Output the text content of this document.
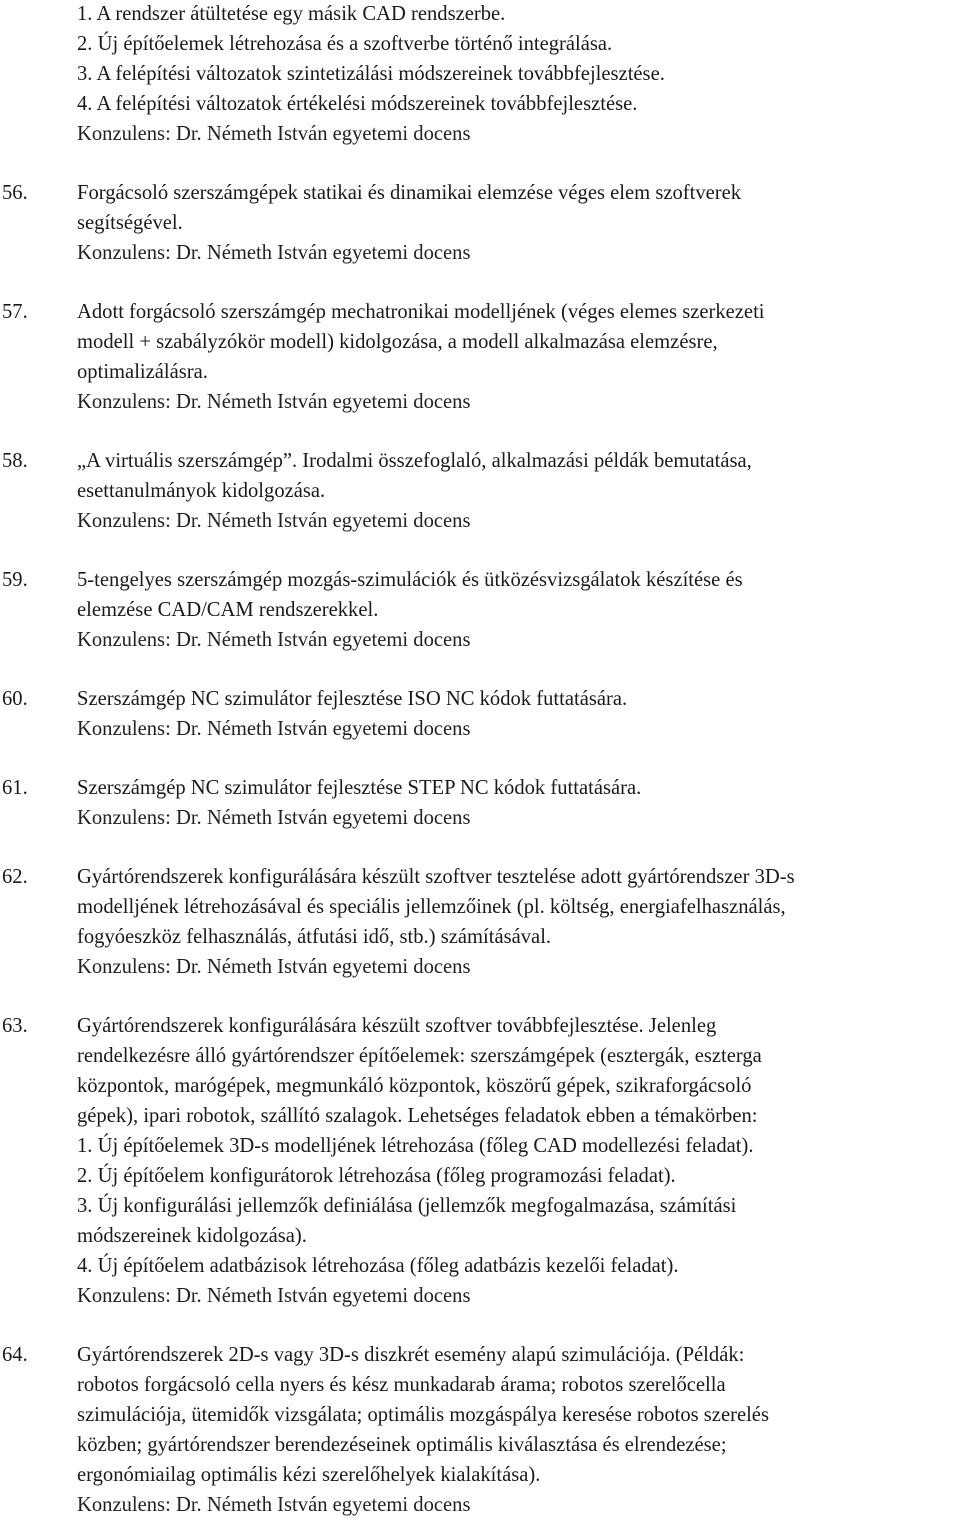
1. A rendszer átültetése egy másik CAD rendszerbe.
2. Új építőelemek létrehozása és a szoftverbe történő integrálása.
3. A felépítési változatok szintetizálási módszereinek továbbfejlesztése.
4. A felépítési változatok értékelési módszereinek továbbfejlesztése.
Konzulens: Dr. Németh István egyetemi docens
56.	Forgácsoló szerszámgépek statikai és dinamikai elemzése véges elem szoftverek
segítségével.
Konzulens: Dr. Németh István egyetemi docens
57.	Adott forgácsoló szerszámgép mechatronikai modelljének (véges elemes szerkezeti
modell + szabályzókör modell) kidolgozása, a modell alkalmazása elemzésre,
optimalizálásra.
Konzulens: Dr. Németh István egyetemi docens
58.	„A virtuális szerszámgép”. Irodalmi összefoglaló, alkalmazási példák bemutatása,
esettanulmányok kidolgozása.
Konzulens: Dr. Németh István egyetemi docens
59.	5-tengelyes szerszámgép mozgás-szimulációk és ütközésvizsgálatok készítése és
elemzése CAD/CAM rendszerekkel.
Konzulens: Dr. Németh István egyetemi docens
60.	Szerszámgép NC szimulátor fejlesztése ISO NC kódok futtatására.
Konzulens: Dr. Németh István egyetemi docens
61.	Szerszámgép NC szimulátor fejlesztése STEP NC kódok futtatására.
Konzulens: Dr. Németh István egyetemi docens
62.	Gyártórendszerek konfigurálására készült szoftver tesztelése adott gyártórendszer 3D-s
modelljének létrehozásával és speciális jellemzőinek (pl. költség, energiafelhasználás,
fogyóeszköz felhasználás, átfutási idő, stb.) számításával.
Konzulens: Dr. Németh István egyetemi docens
63.	Gyártórendszerek konfigurálására készült szoftver továbbfejlesztése. Jelenleg
rendelkezésre álló gyártórendszer építőelemek: szerszámgépek (esztergák, esztergа
központok, marógépek, megmunkáló központok, köszörű gépek, szikraforgácsoló
gépek), ipari robotok, szállító szalagok. Lehetséges feladatok ebben a témakörben:
1. Új építőelemek 3D-s modelljének létrehozása (főleg CAD modellezési feladat).
2. Új építőelem konfigurátorok létrehozása (főleg programozási feladat).
3. Új konfigurálási jellemzők definiálása (jellemzők megfogalmazása, számítási
módszereinek kidolgozása).
4. Új építőelem adatbázisok létrehozása (főleg adatbázis kezelői feladat).
Konzulens: Dr. Németh István egyetemi docens
64.	Gyártórendszerek 2D-s vagy 3D-s diszkrét esemény alapú szimulációja. (Példák:
robotos forgácsoló cella nyers és kész munkadarab árama; robotos szerelőcella
szimulációja, ütemidők vizsgálata; optimális mozgáspálya keresése robotos szerelés
közben; gyártórendszer berendezéseinek optimális kiválasztása és elrendezése;
ergonómiailag optimális kézi szerelőhelyek kialakítása).
Konzulens: Dr. Németh István egyetemi docens
